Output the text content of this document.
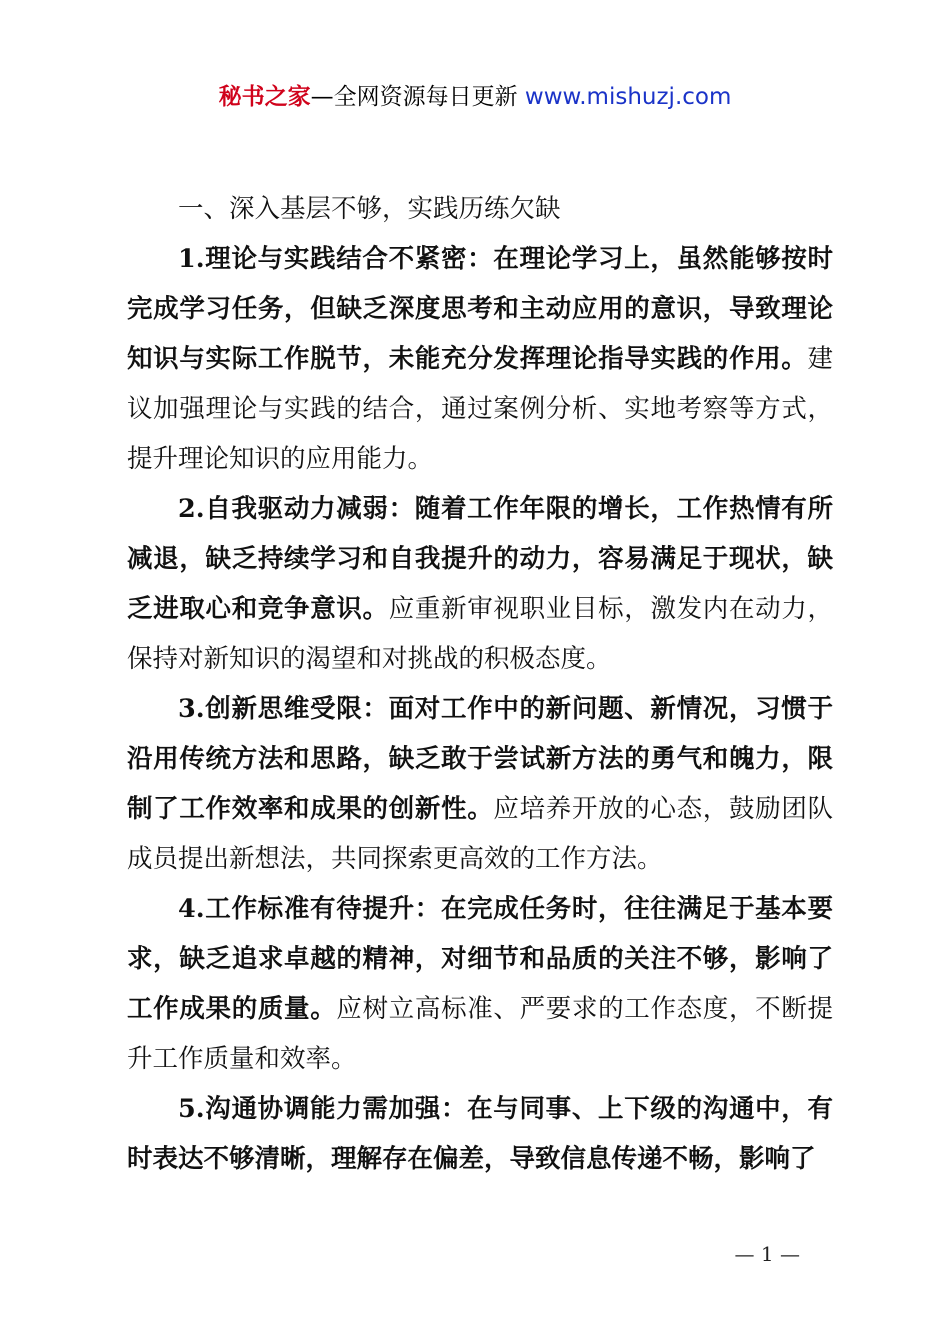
秘书之家—全网资源每日更新 www.mishuzj.com

一、深入基层不够，实践历练欠缺

1.理论与实践结合不紧密：在理论学习上，虽然能够按时完成学习任务，但缺乏深度思考和主动应用的意识，导致理论知识与实际工作脱节，未能充分发挥理论指导实践的作用。建议加强理论与实践的结合，通过案例分析、实地考察等方式，提升理论知识的应用能力。

2.自我驱动力减弱：随着工作年限的增长，工作热情有所减退，缺乏持续学习和自我提升的动力，容易满足于现状，缺乏进取心和竞争意识。应重新审视职业目标，激发内在动力，保持对新知识的渴望和对挑战的积极态度。

3.创新思维受限：面对工作中的新问题、新情况，习惯于沿用传统方法和思路，缺乏敢于尝试新方法的勇气和魄力，限制了工作效率和成果的创新性。应培养开放的心态，鼓励团队成员提出新想法，共同探索更高效的工作方法。

4.工作标准有待提升：在完成任务时，往往满足于基本要求，缺乏追求卓越的精神，对细节和品质的关注不够，影响了工作成果的质量。应树立高标准、严要求的工作态度，不断提升工作质量和效率。

5.沟通协调能力需加强：在与同事、上下级的沟通中，有时表达不够清晰，理解存在偏差，导致信息传递不畅，影响了

— 1 —
